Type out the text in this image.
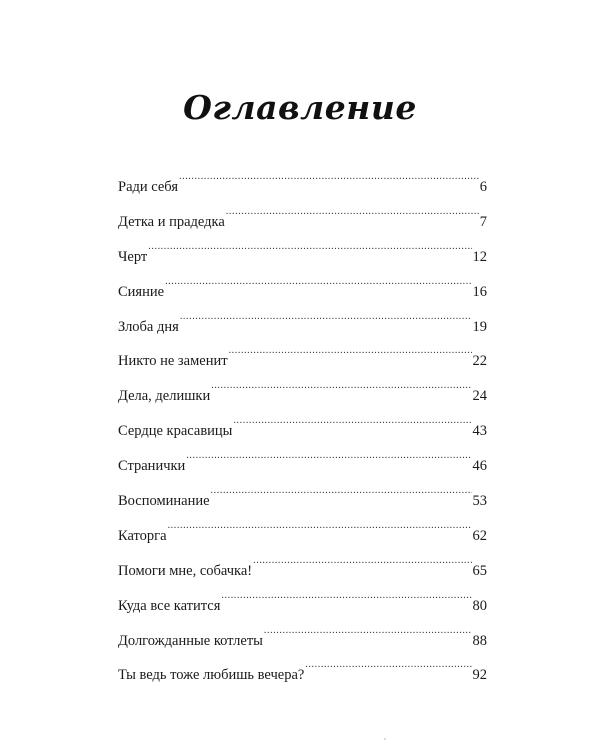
Оглавление
Ради себя .....	6
Детка и прадедка .....	7
Черт .....	12
Сияние .....	16
Злоба дня .....	19
Никто не заменит .....	22
Дела, делишки .....	24
Сердце красавицы .....	43
Странички .....	46
Воспоминание .....	53
Каторга .....	62
Помоги мне, собачка! .....	65
Куда все катится .....	80
Долгожданные котлеты .....	88
Ты ведь тоже любишь вечера? .....	92
